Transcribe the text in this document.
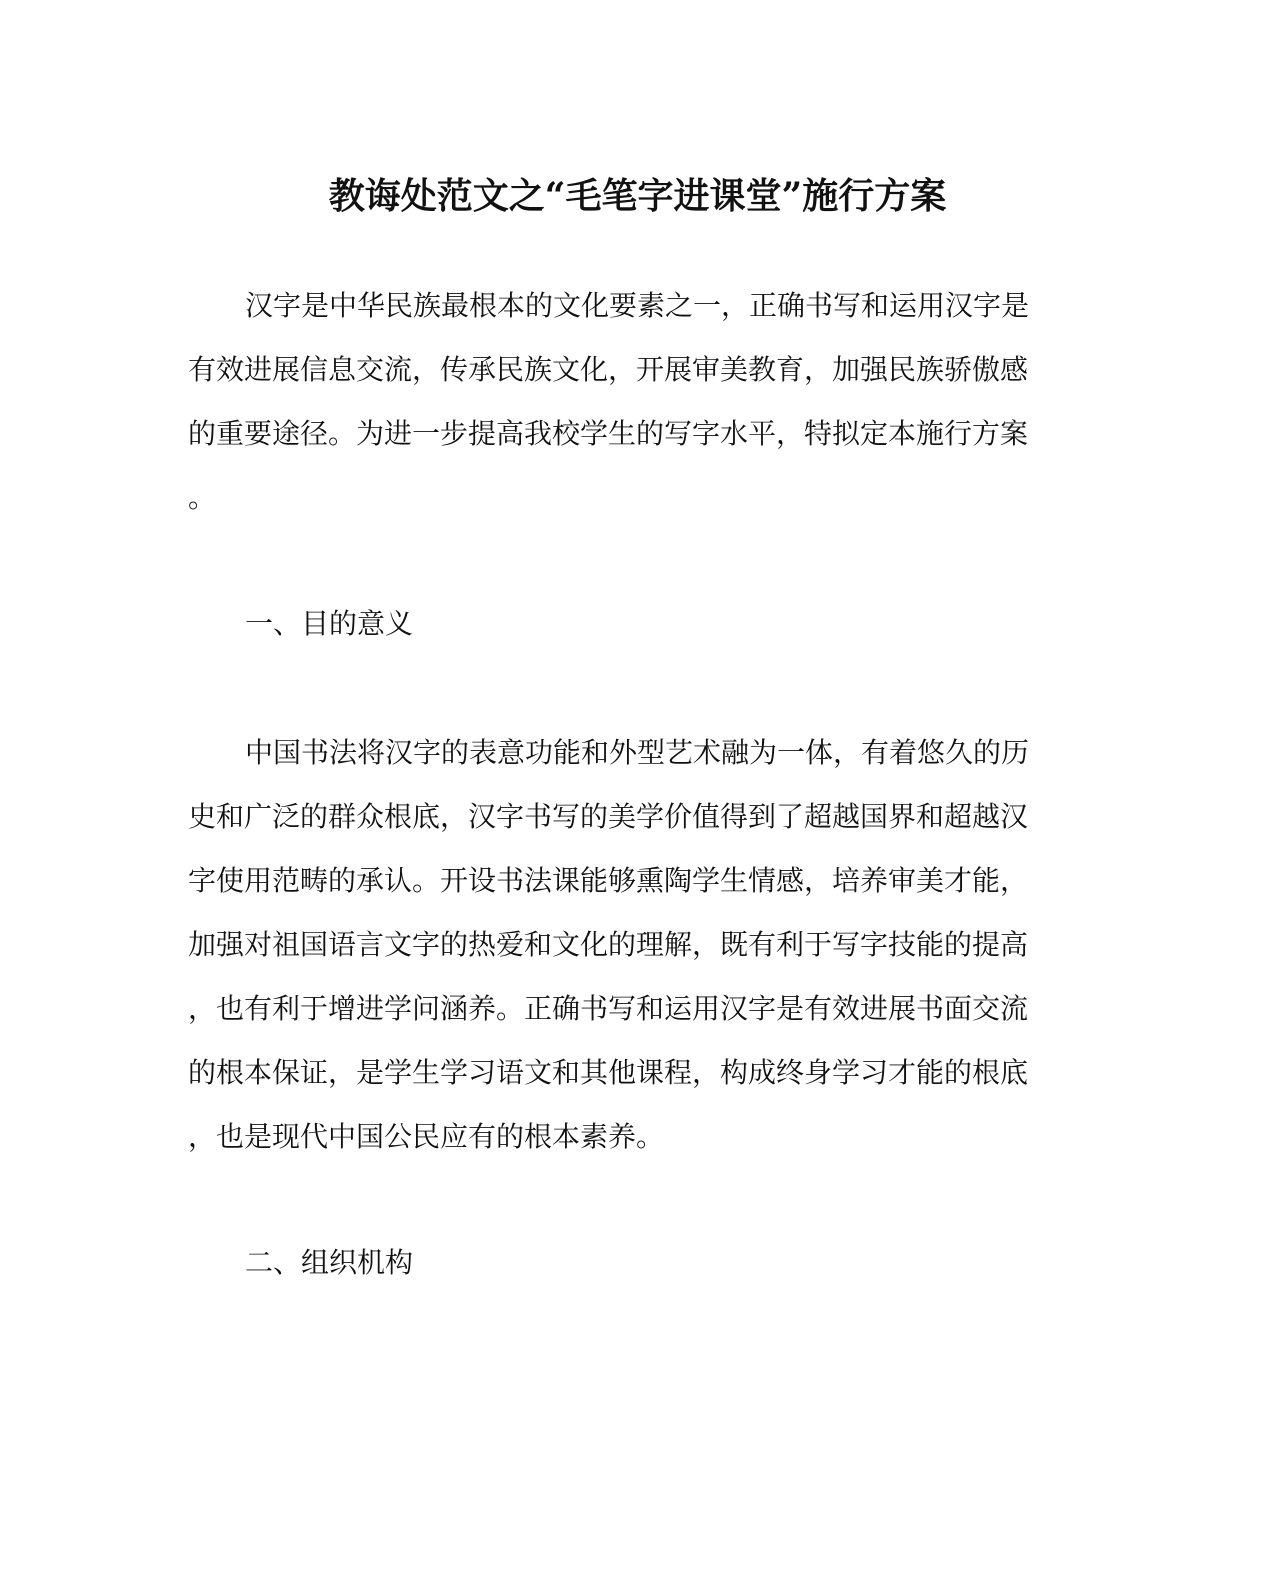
教诲处范文之“毛笔字进课堂”施行方案
汉字是中华民族最根本的文化要素之一，正确书写和运用汉字是
有效进展信息交流，传承民族文化，开展审美教育，加强民族骄傲感
的重要途径。为进一步提高我校学生的写字水平，特拟定本施行方案
。
一、目的意义
中国书法将汉字的表意功能和外型艺术融为一体，有着悠久的历
史和广泛的群众根底，汉字书写的美学价值得到了超越国界和超越汉
字使用范畴的承认。开设书法课能够熏陶学生情感，培养审美才能，
加强对祖国语言文字的热爱和文化的理解，既有利于写字技能的提高
，也有利于增进学问涵养。正确书写和运用汉字是有效进展书面交流
的根本保证，是学生学习语文和其他课程，构成终身学习才能的根底
，也是现代中国公民应有的根本素养。
二、组织机构
